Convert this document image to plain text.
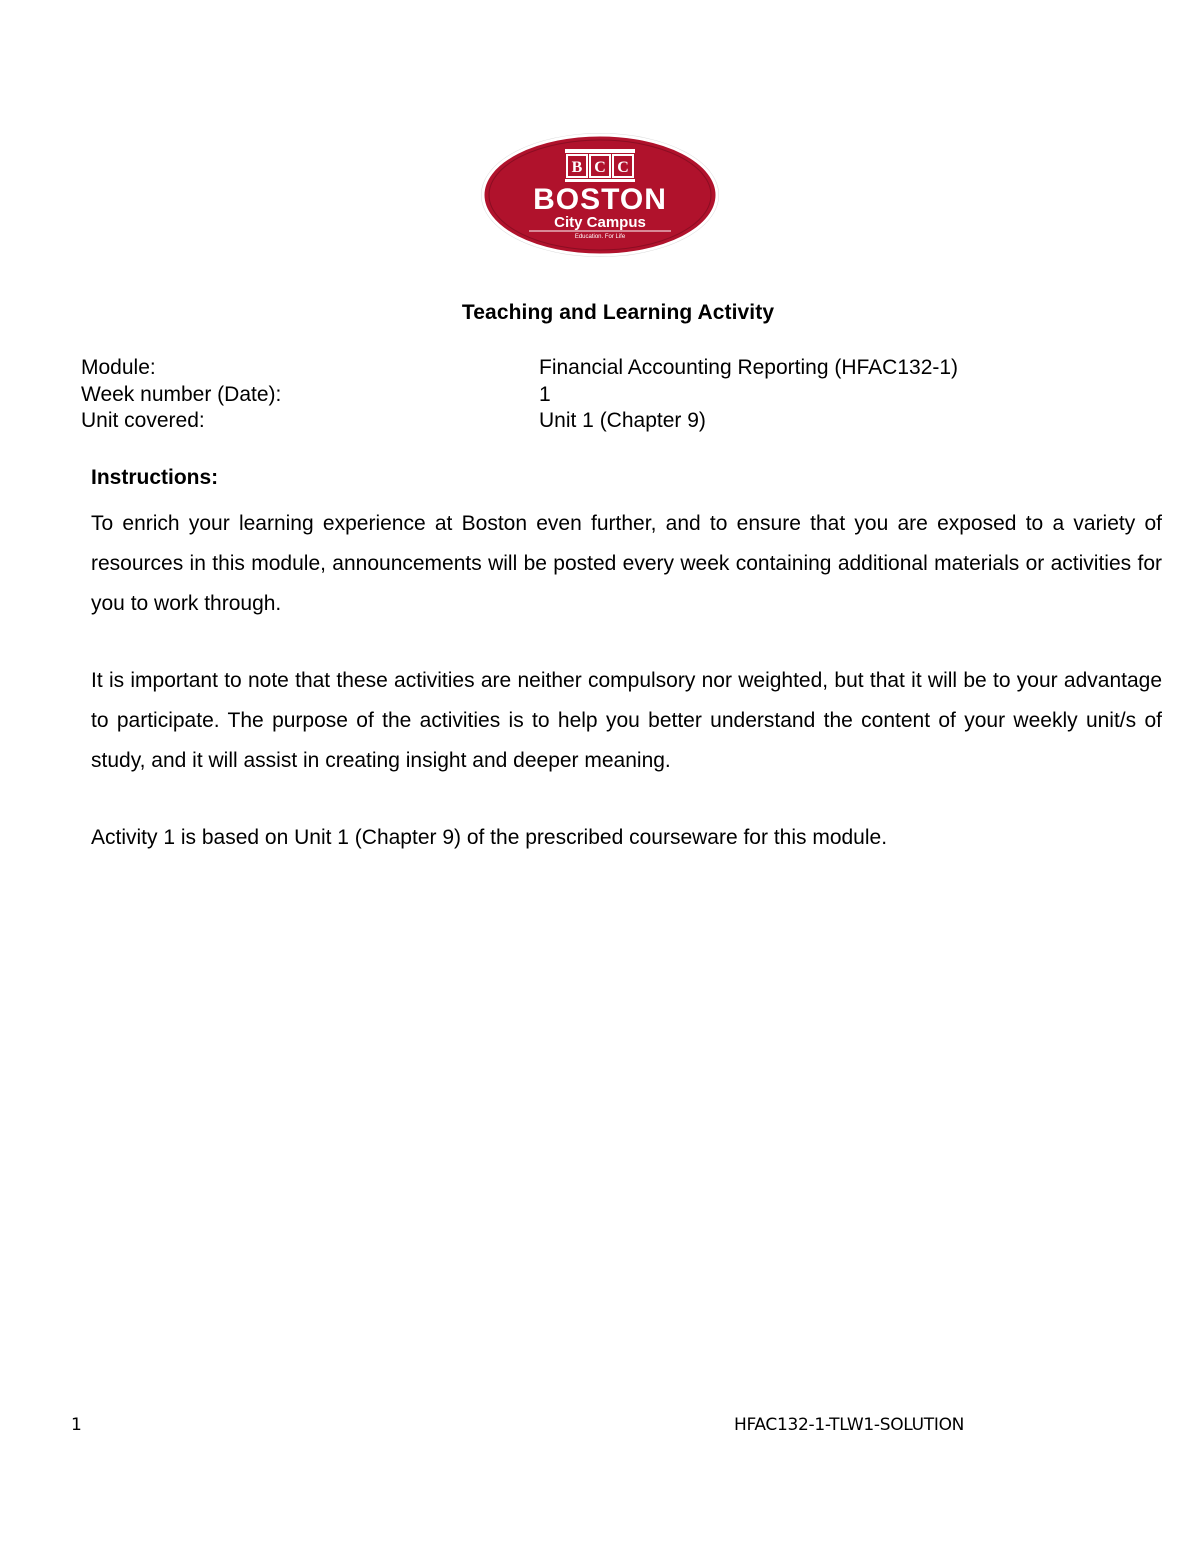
B C C
BOSTON
City Campus
Education. For Life
Teaching and Learning Activity
Module:	Financial Accounting Reporting (HFAC132-1)
Week number (Date):	1
Unit covered:	Unit 1 (Chapter 9)

Instructions:

To enrich your learning experience at Boston even further, and to ensure that you are exposed to a variety of resources in this module, announcements will be posted every week containing additional materials or activities for you to work through.

It is important to note that these activities are neither compulsory nor weighted, but that it will be to your advantage to participate. The purpose of the activities is to help you better understand the content of your weekly unit/s of study, and it will assist in creating insight and deeper meaning.

Activity 1 is based on Unit 1 (Chapter 9) of the prescribed courseware for this module.

1	HFAC132-1-TLW1-SOLUTION
